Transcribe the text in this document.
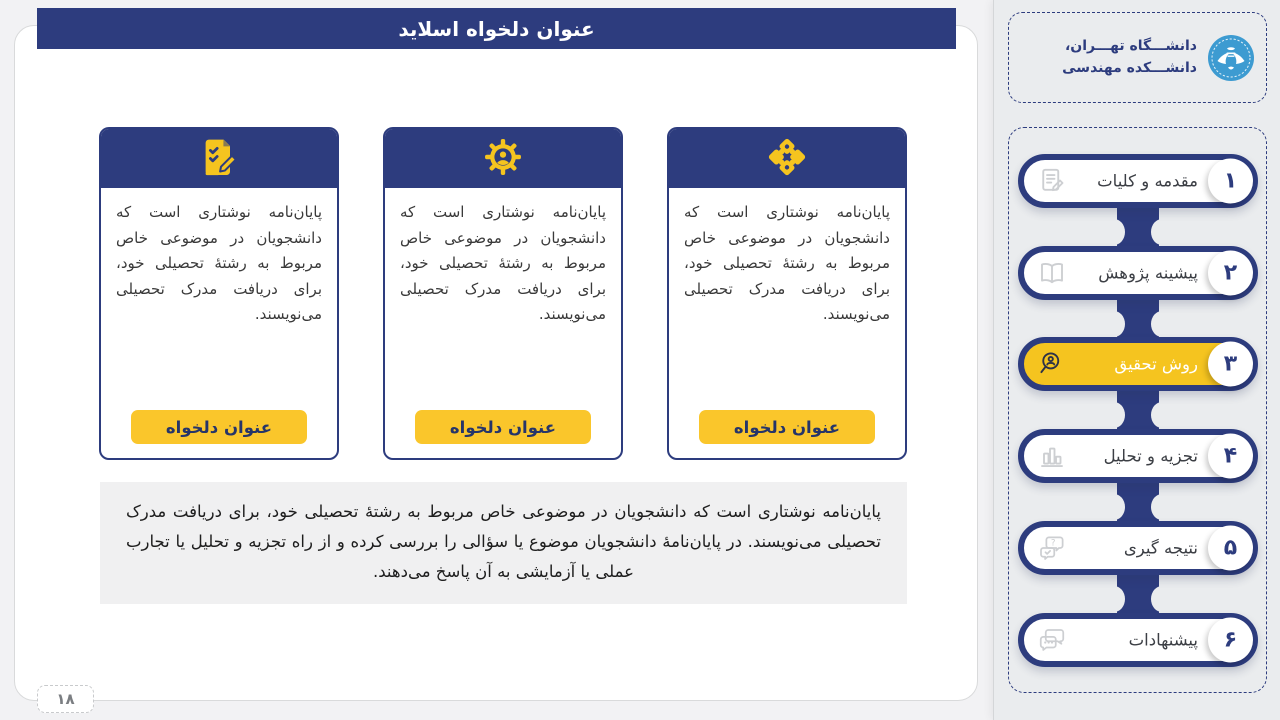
عنوان دلخواه اسلاید
پایان‌نامه نوشتاری است که دانشجویان در موضوعی خاص مربوط به رشتهٔ تحصیلی خود، برای دریافت مدرک تحصیلی می‌نویسند.
عنوان دلخواه
پایان‌نامه نوشتاری است که دانشجویان در موضوعی خاص مربوط به رشتهٔ تحصیلی خود، برای دریافت مدرک تحصیلی می‌نویسند.
عنوان دلخواه
پایان‌نامه نوشتاری است که دانشجویان در موضوعی خاص مربوط به رشتهٔ تحصیلی خود، برای دریافت مدرک تحصیلی می‌نویسند.
عنوان دلخواه
پایان‌نامه نوشتاری است که دانشجویان در موضوعی خاص مربوط به رشتهٔ تحصیلی خود، برای دریافت مدرک تحصیلی می‌نویسند. در پایان‌نامهٔ دانشجویان موضوع یا سؤالی را بررسی کرده و از راه تجزیه و تحلیل یا تجارب عملی یا آزمایشی به آن پاسخ می‌دهند.
۱۸
دانشـــگاه تهـــران، دانشـــکده مهندسی
مقدمه و کلیات	۱
پیشینه پژوهش	۲
روش تحقیق	۳
تجزیه و تحلیل	۴
?	نتیجه گیری	۵
پیشنهادات	۶
